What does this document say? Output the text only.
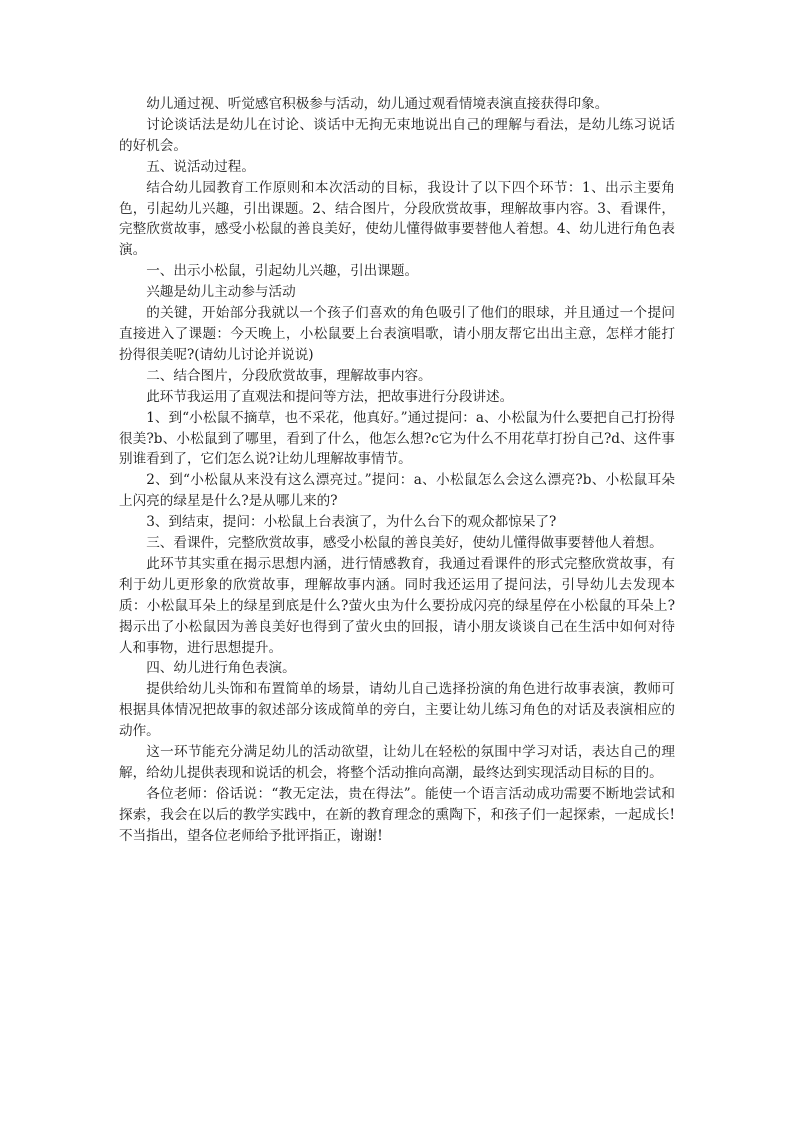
幼儿通过视、听觉感官积极参与活动，幼儿通过观看情境表演直接获得印象。

讨论谈话法是幼儿在讨论、谈话中无拘无束地说出自己的理解与看法，是幼儿练习说话的好机会。

五、说活动过程。

结合幼儿园教育工作原则和本次活动的目标，我设计了以下四个环节：1、出示主要角色，引起幼儿兴趣，引出课题。2、结合图片，分段欣赏故事，理解故事内容。3、看课件，完整欣赏故事，感受小松鼠的善良美好，使幼儿懂得做事要替他人着想。4、幼儿进行角色表演。

一、出示小松鼠，引起幼儿兴趣，引出课题。

兴趣是幼儿主动参与活动

的关键，开始部分我就以一个孩子们喜欢的角色吸引了他们的眼球，并且通过一个提问直接进入了课题：今天晚上，小松鼠要上台表演唱歌，请小朋友帮它出出主意，怎样才能打扮得很美呢?(请幼儿讨论并说说)

二、结合图片，分段欣赏故事，理解故事内容。

此环节我运用了直观法和提问等方法，把故事进行分段讲述。

1、到“小松鼠不摘草，也不采花，他真好。”通过提问：a、小松鼠为什么要把自己打扮得很美?b、小松鼠到了哪里，看到了什么，他怎么想?c它为什么不用花草打扮自己?d、这件事别谁看到了，它们怎么说?让幼儿理解故事情节。

2、到“小松鼠从来没有这么漂亮过。”提问：a、小松鼠怎么会这么漂亮?b、小松鼠耳朵上闪亮的绿星是什么?是从哪儿来的?

3、到结束，提问：小松鼠上台表演了，为什么台下的观众都惊呆了?

三、看课件，完整欣赏故事，感受小松鼠的善良美好，使幼儿懂得做事要替他人着想。

此环节其实重在揭示思想内涵，进行情感教育，我通过看课件的形式完整欣赏故事，有利于幼儿更形象的欣赏故事，理解故事内涵。同时我还运用了提问法，引导幼儿去发现本质：小松鼠耳朵上的绿星到底是什么?萤火虫为什么要扮成闪亮的绿星停在小松鼠的耳朵上?揭示出了小松鼠因为善良美好也得到了萤火虫的回报，请小朋友谈谈自己在生活中如何对待人和事物，进行思想提升。

四、幼儿进行角色表演。

提供给幼儿头饰和布置简单的场景，请幼儿自己选择扮演的角色进行故事表演，教师可根据具体情况把故事的叙述部分该成简单的旁白，主要让幼儿练习角色的对话及表演相应的动作。

这一环节能充分满足幼儿的活动欲望，让幼儿在轻松的氛围中学习对话，表达自己的理解，给幼儿提供表现和说话的机会，将整个活动推向高潮，最终达到实现活动目标的目的。

各位老师：俗话说：“教无定法，贵在得法”。能使一个语言活动成功需要不断地尝试和探索，我会在以后的教学实践中，在新的教育理念的熏陶下，和孩子们一起探索，一起成长!不当指出，望各位老师给予批评指正，谢谢!
